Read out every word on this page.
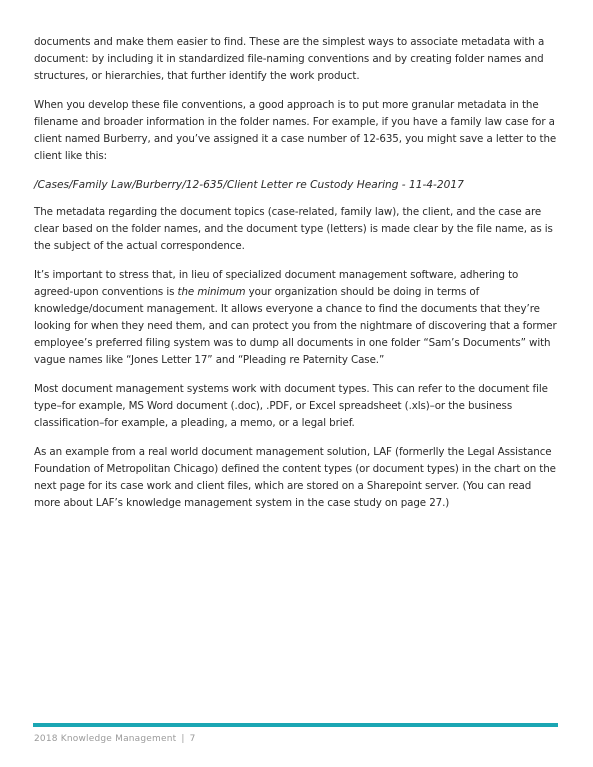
documents and make them easier to find. These are the simplest ways to associate metadata with a document: by including it in standardized file-naming conventions and by creating folder names and structures, or hierarchies, that further identify the work product.

When you develop these file conventions, a good approach is to put more granular metadata in the filename and broader information in the folder names. For example, if you have a family law case for a client named Burberry, and you’ve assigned it a case number of 12-635, you might save a letter to the client like this:

/Cases/Family Law/Burberry/12-635/Client Letter re Custody Hearing - 11-4-2017

The metadata regarding the document topics (case-related, family law), the client, and the case are clear based on the folder names, and the document type (letters) is made clear by the file name, as is the subject of the actual correspondence.

It’s important to stress that, in lieu of specialized document management software, adhering to agreed-upon conventions is the minimum your organization should be doing in terms of knowledge/document management. It allows everyone a chance to find the documents that they’re looking for when they need them, and can protect you from the nightmare of discovering that a former employee’s preferred filing system was to dump all documents in one folder “Sam’s Documents” with vague names like “Jones Letter 17” and “Pleading re Paternity Case.”

Most document management systems work with document types. This can refer to the document file type–for example, MS Word document (.doc), .PDF, or Excel spreadsheet (.xls)–or the business classification–for example, a pleading, a memo, or a legal brief.

As an example from a real world document management solution, LAF (formerlly the Legal Assistance Foundation of Metropolitan Chicago) defined the content types (or document types) in the chart on the next page for its case work and client files, which are stored on a Sharepoint server. (You can read more about LAF’s knowledge management system in the case study on page 27.)

2018 Knowledge Management | 7
